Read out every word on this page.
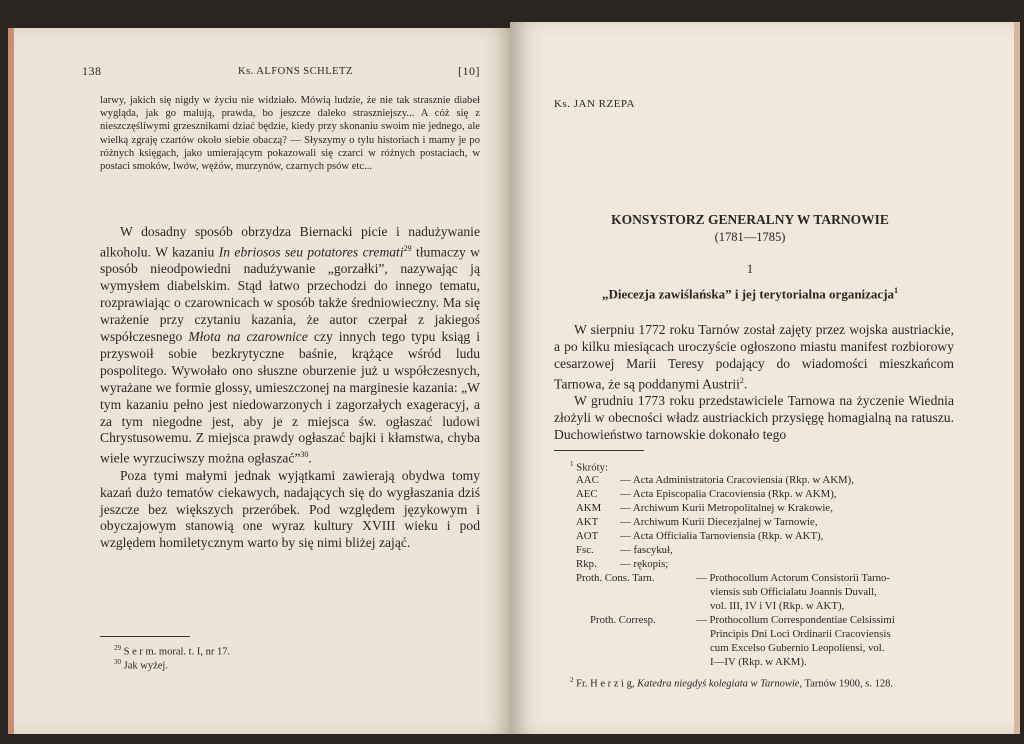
138	Ks. ALFONS SCHLETZ	[10]

larwy, jakich się nigdy w życiu nie widziało. Mówią ludzie, że nie tak strasznie diabeł wygląda, jak go malują, prawda, bo jeszcze daleko straszniejszy... A cóż się z nieszczęśliwymi grzesznikami dziać będzie, kiedy przy skonaniu swoim nie jednego, ale wielką zgraję czartów około siebie obaczą? — Słyszymy o tylu historiach i mamy je po różnych księgach, jako umierającym pokazowali się czarci w różnych postaciach, w postaci smoków, lwów, wężów, murzynów, czarnych psów etc...

W dosadny sposób obrzydza Biernacki picie i nadużywanie alkoholu. W kazaniu In ebriosos seu potatores cremati$^{29}$ tłumaczy w sposób nieodpowiedni nadużywanie „gorzałki”, nazywając ją wymysłem diabelskim. Stąd łatwo przechodzi do innego tematu, rozprawiając o czarownicach w sposób także średniowieczny. Ma się wrażenie przy czytaniu kazania, że autor czerpał z jakiegoś współczesnego Młota na czarownice czy innych tego typu ksiąg i przyswoił sobie bezkrytyczne baśnie, krążące wśród ludu pospolitego. Wywołało ono słuszne oburzenie już u współczesnych, wyrażane we formie glossy, umieszczonej na marginesie kazania: „W tym kazaniu pełno jest niedowarzonych i zagorzałych exageracyj, a za tym niegodne jest, aby je z miejsca św. ogłaszać ludowi Chrystusowemu. Z miejsca prawdy ogłaszać bajki i kłamstwa, chyba wiele wyrzuciwszy można ogłaszać”$^{30}$.

Poza tymi małymi jednak wyjątkami zawierają obydwa tomy kazań dużo tematów ciekawych, nadających się do wygłaszania dziś jeszcze bez większych przeróbek. Pod względem językowym i obyczajowym stanowią one wyraz kultury XVIII wieku i pod względem homiletycznym warto by się nimi bliżej zająć.

$^{29}$ S e r m. moral. t. I, nr 17.
$^{30}$ Jak wyżej.
Ks. JAN RZEPA
KONSYSTORZ GENERALNY W TARNOWIE
(1781—1785)
1
„Diecezja zawiślańska” i jej terytorialna organizacja$^1$

W sierpniu 1772 roku Tarnów został zajęty przez wojska austriackie, a po kilku miesiącach uroczyście ogłoszono miastu manifest rozbiorowy cesarzowej Marii Teresy podający do wiadomości mieszkańcom Tarnowa, że są poddanymi Austrii$^2$.

W grudniu 1773 roku przedstawiciele Tarnowa na życzenie Wiednia złożyli w obecności władz austriackich przysięgę homagialną na ratuszu. Duchowieństwo tarnowskie dokonało tego

$^1$ Skróty:
AAC — Acta Administratoria Cracoviensia (Rkp. w AKM),
AEC — Acta Episcopalia Cracoviensia (Rkp. w AKM),
AKM — Archiwum Kurii Metropolitalnej w Krakowie,
AKT — Archiwum Kurii Diecezjalnej w Tarnowie,
AOT — Acta Officialia Tarnoviensia (Rkp. w AKT),
Fsc. — fascykuł,
Rkp. — rękopis;
Proth. Cons. Tarn.	— Prothocollum Actorum Consistorii Tarno-
viensis sub Officialatu Joannis Duvall,
vol. III, IV i VI (Rkp. w AKT),
Proth. Corresp.	— Prothocollum Correspondentiae Celsissimi
Principis Dni Loci Ordinarii Cracoviensis
cum Excelso Gubernio Leopoliensi, vol.
I—IV (Rkp. w AKM).
$^2$ Fr. H e r z i g, Katedra niegdyś kolegiata w Tarnowie, Tarnów 1900, s. 128.
